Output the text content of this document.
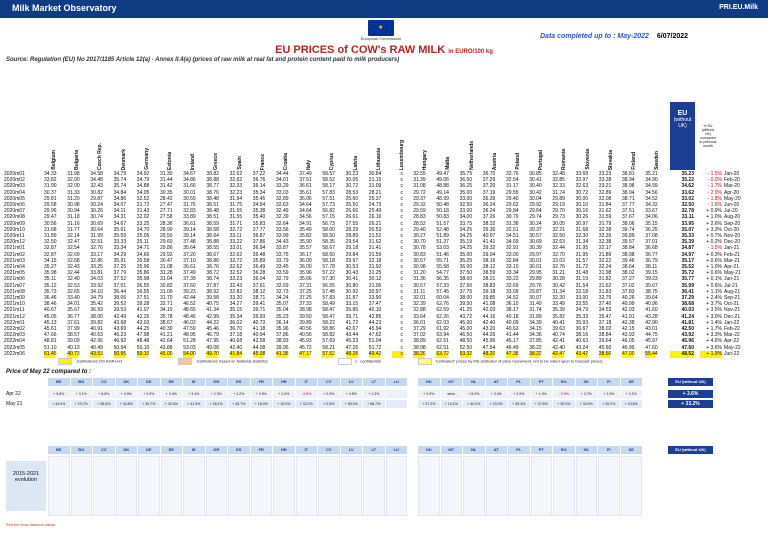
Milk Market Observatory	PRI.EU.Milk
★
European Commission	Data completed up to : May-2022 6/07/2022
EU PRICES of COW's RAW MILK in EURO/100 kg
Source: Regulation (EU) No 2017/1185 Article 12(a) - Annex II.4(a) (prices of raw milk at real fat and protein content paid to milk producers)
Belgium	Bulgaria	Czech Rep.	Denmark	Germany	Estonia	Ireland	Greece	Spain	France	Croatia	Italy	Cyprus	Latvia	Lithuania	Luxembourg	Hungary	Malta	Netherlands	Austria	Poland	Portugal	Romania	Slovenia	Slovakia	Finland	Sweden
EU
(without UK)	% EU (without UK) compared to previous month
2020m01	34.33 31.98 34.58 34.79 34.92 31.30 34.67 38.82 32.62 37.22 34.44 37.49 58.57 30.23 30.84	c 32.55 49.47 35.75 36.70 32.76 30.85 32.48 33.68 33.23 38.81 35.21	35.23	- 1.5% Jan-20
2020m02	33.82 32.00 34.48 35.74 34.79 31.44 34.86 38.88 32.62 36.76 34.01 37.51 58.52 30.05 31.15	c 31.39 49.06 36.50 37.29 32.54 30.41 32.85 32.97 33.28 38.94 34.90	35.22	- 0.0% Feb-20
2020m03	31.90 32.00 32.43 35.74 34.88 31.42 31.66 38.77 32.33 36.14 33.29 36.61 58.17 30.72 31.09	c 31.08 48.88 36.25 37.20 31.17 30.40 32.33 32.63 33.21 38.98 34.99	34.62	- 1.7% Mar-20
2020m04	30.37 31.33 30.82 34.84 34.05 30.35 30.01 38.76 32.23 35.34 33.03 35.61 57.83 28.53 28.21	c 29.72 49.14 35.00 37.19 29.55 30.42 31.74 30.72 32.89 38.94 34.56	33.62	- 2.9% Apr-20
2020m05	29.81 31.20 29.87 34.86 32.52 28.42 30.59 38.48 31.94 35.45 32.89 36.06 57.51 25.60 25.37	c 29.37 48.99 33.00 36.39 29.40 30.04 29.89 30.00 32.08 38.71 34.52	33.02	- 1.8% May-20
2020m06	29.58 30.98 30.24 34.07 31.72 27.47 31.76 38.51 31.75 34.54 32.63 34.64 57.73 25.50 24.73	c 29.32 50.48 32.50 36.24 29.62 29.92 29.19 30.10 31.84 37.77 34.32	32.50	- 1.6% Jun-20
2020m07	29.96 30.94 30.26 34.11 31.43 27.71 32.83 38.48 31.55 35.38 32.49 34.64 56.82 26.66 25.49	c 29.59 50.18 33.00 36.24 29.84 29.64 29.70 30.16 31.62 37.51 33.67	32.78	+ 0.9% Jul-20
2020m08	29.47 31.18 30.74 34.31 32.02 27.58 33.89 38.51 31.55 35.40 32.39 34.56 57.15 26.61 26.16	c 28.83 50.83 34.00 37.26 30.79 29.74 29.73 30.26 31.59 37.67 34.06	33.11	+ 1.0% Aug-20
2020m09	30.56 31.16 30.69 34.67 33.25 28.36 36.61 38.59 31.71 35.83 32.64 34.91 56.73 27.55 26.21	c 28.52 51.57 33.75 38.32 31.38 30.24 30.05 30.97 31.79 38.06 35.15	33.95	+ 2.6% Sep-20
2020m10	31.68 31.77 30.64 35.61 34.70 28.90 39.14 38.58 32.72 37.77 33.56 35.49 58.00 28.29 30.53	c 29.40 52.48 34.25 39.36 32.51 30.37 32.21 31.68 32.38 39.74 36.25	35.07	+ 3.3% Oct-20
2020m11	31.89 32.14 31.99 35.59 35.05 29.50 39.14 38.64 33.11 36.87 33.99 35.82 58.50 28.89 31.52	c 30.27 51.89 34.25 40.07 34.51 30.57 32.50 32.30 32.39 39.89 37.08	35.33	+ 0.7% Nov-20
2020m12	32.50 32.47 32.51 33.33 35.11 29.60 37.48 38.88 33.22 37.86 34.43 35.90 58.35 29.54 31.62	c 30.70 51.37 35.19 41.41 34.69 30.69 32.63 31.34 32.38 39.57 37.01	35.39	+ 0.2% Dec-20
2021m01	32.87 32.54 32.76 33.34 34.71 29.86 35.64 38.55 33.01 36.94 33.87 35.57 58.67 29.18 31.41	c 30.78 53.03 34.25 39.32 32.91 30.39 32.44 31.95 32.17 38.84 36.68	34.87	- 1.5% Jan-21
2021m02	32.87 32.69 33.17 34.29 34.66 29.92 37.20 38.67 32.62 36.48 33.75 36.17 58.60 29.84 31.59	c 30.83 51.46 35.00 39.04 33.00 29.97 32.70 31.95 31.89 38.98 36.77	34.97	+ 0.3% Feb-21
2021m03	34.15 32.68 32.86 35.91 35.58 30.47 37.10 38.86 32.72 35.89 33.79 36.00 58.18 29.97 32.18	c 30.57 55.71 35.25 38.16 32.84 30.01 33.03 31.57 32.22 39.46 36.79	35.17	+ 0.6% Mar-21
2021m04	35.27 32.43 33.25 37.25 35.96 31.08 36.61 38.76 32.62 36.49 33.45 36.00 57.78 30.53 31.92	c 30.98 55.58 36.00 38.12 33.10 30.01 32.76 31.72 32.24 38.64 38.11	35.52	+ 1.0% Apr-21
2021m05	35.98 32.44 33.81 37.79 35.86 31.28 37.49 38.72 32.52 36.28 33.59 35.96 57.22 30.43 31.25	c 31.20 54.77 37.50 38.59 33.34 29.95 31.21 31.48 31.98 38.02 39.15	35.72	+ 0.6% May-21
2021m06	35.11 32.40 34.03 37.52 35.98 31.04 37.39 38.74 32.23 36.04 32.79 35.66 57.30 30.41 30.12	c 31.36 56.35 38.00 38.21 33.22 29.89 30.28 31.19 31.82 37.27 39.23	35.77	+ 0.1% Jun-21
2021m07	35.12 32.53 33.92 37.51 36.55 30.82 37.60 37.87 32.43 37.61 32.69 37.31 56.55 30.80 31.06	c 30.57 57.33 37.50 38.83 32.69 29.76 30.42 31.54 31.62 37.02 39.67	35.99	+ 0.6% Jul-21
2021m08	35.73 32.65 34.10 36.44 36.55 31.00 39.23 38.92 32.82 38.12 32.73 37.25 57.48 30.92 30.97	c 31.11 57.45 37.75 39.18 33.09 29.87 31.34 32.18 31.83 37.83 38.75	36.41	+ 1.1% Aug-21
2021m09	36.46 33.40 34.79 38.06 37.51 31.70 42.44 39.58 33.20 38.71 34.24 37.25 57.83 31.87 33.90	c 32.01 60.04 38.00 39.85 34.52 30.07 32.30 33.00 32.75 40.26 39.64	37.29	+ 2.4% Sep-21
2021m10	38.46 34.01 35.42 39.52 39.28 32.71 46.52 40.75 34.27 39.41 35.07 37.33 58.49 33.15 37.47	c 32.39 62.76 39.50 41.08 36.10 31.49 33.49 33.55 37.40 40.99 40.96	38.68	+ 3.7% Oct-21
2021m11	40.67 35.67 36.93 39.53 41.07 34.10 48.65 41.34 35.15 39.71 35.04 38.98 58.47 35.85 40.10	c 32.88 62.59 41.25 42.03 38.17 31.74 35.39 34.79 34.53 42.03 41.60	40.03	+ 3.5% Nov-21
2021m12	45.05 36.77 38.00 42.49 42.25 35.78 48.46 42.99 35.34 39.93 35.23 39.50 58.47 39.71 42.85	c 33.64 62.26 43.72 44.16 40.18 31.89 35.82 35.33 35.47 41.91 43.28	41.24	+ 3.0% Dec-21
2022m01	45.13 37.61 39.82 43.68 43.03 38.67 46.03 44.22 36.02 40.73 36.14 39.89 58.22 41.72 44.23	c 36.01 62.03 45.00 42.40 40.09 34.39 40.41 35.93 37.18 42.38 42.90	41.81	+ 1.4% Jan-22
2022m02	45.61 37.99 40.91 43.69 44.25 40.30 47.59 45.46 36.70 41.18 35.96 40.56 58.86 42.67 45.94	c 37.29 61.92 45.00 43.20 40.62 34.15 39.63 36.67 38.02 42.15 43.01	42.50	+ 1.7% Feb-22
2022m03	47.66 38.57 40.63 46.23 47.98 41.21 48.95 46.79 37.18 40.94 37.86 40.56 58.82 43.44 47.62	c 37.02 63.94 46.50 44.26 41.44 34.36 40.74 38.16 38.84 43.93 44.75	43.92	+ 3.3% Mar-22
2022m04	48.81 39.09 42.96 46.92 48.48 42.64 51.28 47.95 40.68 42.58 38.93 45.93 57.69 45.23 51.04	c 38.89 62.51 48.50 45.96 45.17 37.85 42.41 40.63 39.64 46.05 45.97	45.96	+ 4.6% Apr-22
2022m05	51.10 40.13 40.49 50.94 50.10 43.88 53.03 49.08 42.40 44.08 39.95 45.72 58.21 47.26 51.72	c 38.98 62.51 52.50 47.54 46.49 38.22 42.40 43.24 45.60 46.99 47.60	47.60	+ 3.6% May-22
2022m06	61.45 40.73 43.53 50.95 50.10 45.00 54.00 49.70 41.84 45.08 41.38 47.17 57.52 48.28 49.42	c 38.26 63.72 53.32 48.20 47.38 38.22 42.47 43.42 38.50 47.00 55.44	48.52	+ 1.9% Jun-22
: Estimations DG AGRI-G3	: Estimations based on National statistics	c : confidential	"estimated" prices by MS (indicator of price movement, not to be relied upon to forecast prices)
Price of May 22 compared to :
BE	BG	CZ	DK	DE	EE	IE	GR	ES	FR	HR	IT	CY	LV	LT	LU	HU	MT	NL	AT	PL	PT	RO	SK	FI	SE	EU (without UK)
Apr 22	+ 5.8%	+ 3.1%	+ 8.8%	+ 3.9%	+ 2.9%	+ 3.4%	+ 3.4%	+ 2.3%	+ 4.2%	+ 3.5%	+ 2.6%	- 0.5%	+ 0.9%	+ 4.5%	+ 1.3%	+ 2.9%	stem	+ 8.2%	+ 3.4%	+ 2.9%	+ 1.0%	- 0.0%	+ 3.7%	+ 1.0%	+ 2.1%	+ 3.6%
May 21	+ 44.9%	+ 23.7%	+ 28.8%	+ 34.8%	+ 39.7%	+ 40.3%	+ 41.5%	+ 26.1%	+ 26.7%	+ 18.9%	+ 19.9%	+ 33.2%	+ 0.5%	+ 55.4%	+ 66.7%	+ 27.2%	+ 14.1%	+ 40.0%	+ 23.2%	+ 39.4%	+ 27.6%	+ 35.9%	+ 33.9%	+ 26.2%	+ 23.6%	+ 33.2%
BE	BG	CZ	DK	DE	EE	IE	GR	ES	FR	HR	IT	CY	LV	LT	LU	HU	MT	NL	AT	PL	PT	RO	SK	FI	SE	EU (without UK)
2015-2021 evolution
Red line show historical values
